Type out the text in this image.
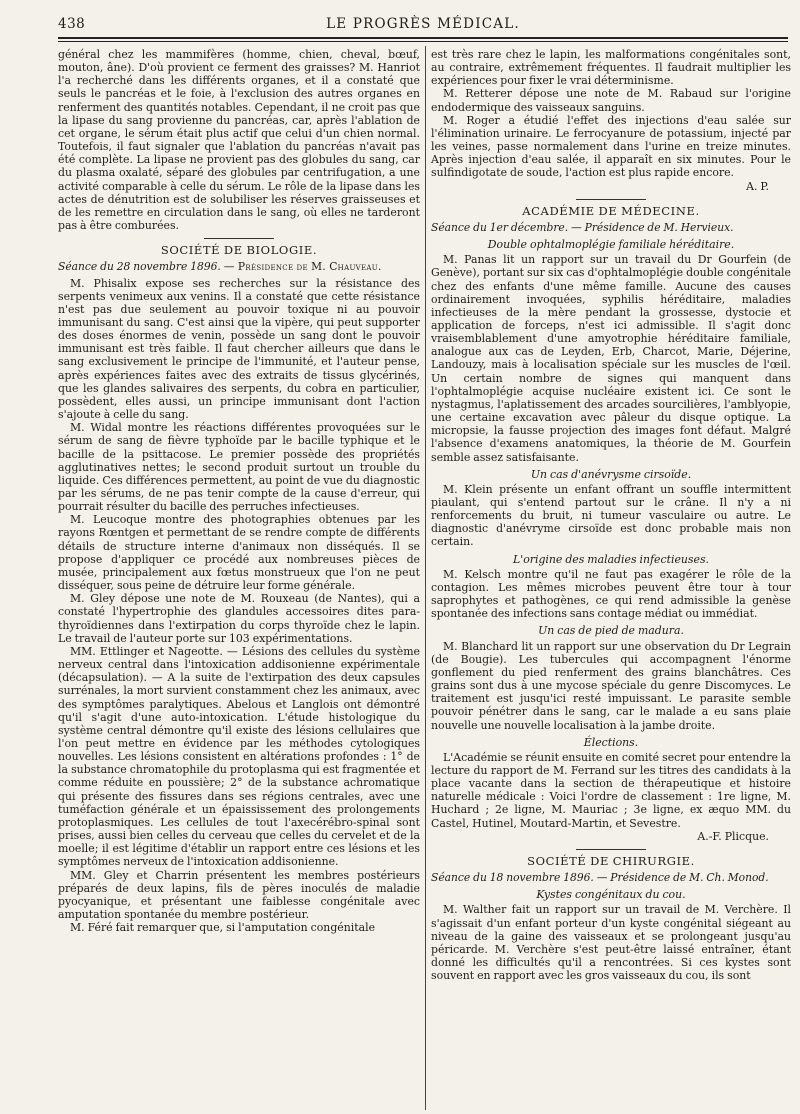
438	LE PROGRÈS MÉDICAL.

général chez les mammifères (homme, chien, cheval, bœuf, mouton, âne). D'où provient ce ferment des graisses? M. Hanriot l'a recherché dans les différents organes, et il a constaté que seuls le pancréas et le foie, à l'exclusion des autres organes en renferment des quantités notables. Cependant, il ne croit pas que la lipase du sang provienne du pancréas, car, après l'ablation de cet organe, le sérum était plus actif que celui d'un chien normal. Toutefois, il faut signaler que l'ablation du pancréas n'avait pas été complète. La lipase ne provient pas des globules du sang, car du plasma oxalaté, séparé des globules par centrifugation, a une activité comparable à celle du sérum. Le rôle de la lipase dans les actes de dénutrition est de solubiliser les réserves graisseuses et de les remettre en circulation dans le sang, où elles ne tarderont pas à être comburées.

SOCIÉTÉ DE BIOLOGIE.

Séance du 28 novembre 1896. — Présidence de M. Chauveau.

M. Phisalix expose ses recherches sur la résistance des serpents venimeux aux venins. Il a constaté que cette résistance n'est pas due seulement au pouvoir toxique ni au pouvoir immunisant du sang. C'est ainsi que la vipère, qui peut supporter des doses énormes de venin, possède un sang dont le pouvoir immunisant est très faible. Il faut chercher ailleurs que dans le sang exclusivement le principe de l'immunité, et l'auteur pense, après expériences faites avec des extraits de tissus glycérinés, que les glandes salivaires des serpents, du cobra en particulier, possèdent, elles aussi, un principe immunisant dont l'action s'ajoute à celle du sang.

M. Widal montre les réactions différentes provoquées sur le sérum de sang de fièvre typhoïde par le bacille typhique et le bacille de la psittacose. Le premier possède des propriétés agglutinatives nettes; le second produit surtout un trouble du liquide. Ces différences permettent, au point de vue du diagnostic par les sérums, de ne pas tenir compte de la cause d'erreur, qui pourrait résulter du bacille des perruches infectieuses.

M. Leucoque montre des photographies obtenues par les rayons Rœntgen et permettant de se rendre compte de différents détails de structure interne d'animaux non disséqués. Il se propose d'appliquer ce procédé aux nombreuses pièces de musée, principalement aux fœtus monstrueux que l'on ne peut disséquer, sous peine de détruire leur forme générale.

M. Gley dépose une note de M. Rouxeau (de Nantes), qui a constaté l'hypertrophie des glandules accessoires dites para-thyroïdiennes dans l'extirpation du corps thyroïde chez le lapin. Le travail de l'auteur porte sur 103 expérimentations.

MM. Ettlinger et Nageotte. — Lésions des cellules du système nerveux central dans l'intoxication addisonienne expérimentale (décapsulation). — A la suite de l'extirpation des deux capsules surrénales, la mort survient constamment chez les animaux, avec des symptômes paralytiques. Abelous et Langlois ont démontré qu'il s'agit d'une auto-intoxication. L'étude histologique du système central démontre qu'il existe des lésions cellulaires que l'on peut mettre en évidence par les méthodes cytologiques nouvelles. Les lésions consistent en altérations profondes : 1° de la substance chromatophile du protoplasma qui est fragmentée et comme réduite en poussière; 2° de la substance achromatique qui présente des fissures dans ses régions centrales, avec une tuméfaction générale et un épaississement des prolongements protoplasmiques. Les cellules de tout l'axecérébro-spinal sont prises, aussi bien celles du cerveau que celles du cervelet et de la moelle; il est légitime d'établir un rapport entre ces lésions et les symptômes nerveux de l'intoxication addisonienne.

MM. Gley et Charrin présentent les membres postérieurs préparés de deux lapins, fils de pères inoculés de maladie pyocyanique, et présentant une faiblesse congénitale avec amputation spontanée du membre postérieur.

M. Féré fait remarquer que, si l'amputation congénitale

est très rare chez le lapin, les malformations congénitales sont, au contraire, extrêmement fréquentes. Il faudrait multiplier les expériences pour fixer le vrai déterminisme.

M. Retterer dépose une note de M. Rabaud sur l'origine endodermique des vaisseaux sanguins.

M. Roger a étudié l'effet des injections d'eau salée sur l'élimination urinaire. Le ferrocyanure de potassium, injecté par les veines, passe normalement dans l'urine en treize minutes. Après injection d'eau salée, il apparaît en six minutes. Pour le sulfindigotate de soude, l'action est plus rapide encore.

A. P.

ACADÉMIE DE MÉDECINE.

Séance du 1er décembre. — Présidence de M. Hervieux.

Double ophtalmoplégie familiale héréditaire.

M. Panas lit un rapport sur un travail du Dr Gourfein (de Genève), portant sur six cas d'ophtalmoplégie double congénitale chez des enfants d'une même famille. Aucune des causes ordinairement invoquées, syphilis héréditaire, maladies infectieuses de la mère pendant la grossesse, dystocie et application de forceps, n'est ici admissible. Il s'agit donc vraisemblablement d'une amyotrophie héréditaire familiale, analogue aux cas de Leyden, Erb, Charcot, Marie, Déjerine, Landouzy, mais à localisation spéciale sur les muscles de l'œil. Un certain nombre de signes qui manquent dans l'ophtalmoplégie acquise nucléaire existent ici. Ce sont le nystagmus, l'aplatissement des arcades sourcilières, l'amblyopie, une certaine excavation avec pâleur du disque optique. La micropsie, la fausse projection des images font défaut. Malgré l'absence d'examens anatomiques, la théorie de M. Gourfein semble assez satisfaisante.

Un cas d'anévrysme cirsoïde.

M. Klein présente un enfant offrant un souffle intermittent piaulant, qui s'entend partout sur le crâne. Il n'y a ni renforcements du bruit, ni tumeur vasculaire ou autre. Le diagnostic d'anévryme cirsoïde est donc probable mais non certain.

L'origine des maladies infectieuses.

M. Kelsch montre qu'il ne faut pas exagérer le rôle de la contagion. Les mêmes microbes peuvent être tour à tour saprophytes et pathogènes, ce qui rend admissible la genèse spontanée des infections sans contage médiat ou immédiat.

Un cas de pied de madura.

M. Blanchard lit un rapport sur une observation du Dr Legrain (de Bougie). Les tubercules qui accompagnent l'énorme gonflement du pied renferment des grains blanchâtres. Ces grains sont dus à une mycose spéciale du genre Discomyces. Le traitement est jusqu'ici resté impuissant. Le parasite semble pouvoir pénétrer dans le sang, car le malade a eu sans plaie nouvelle une nouvelle localisation à la jambe droite.

Élections.

L'Académie se réunit ensuite en comité secret pour entendre la lecture du rapport de M. Ferrand sur les titres des candidats à la place vacante dans la section de thérapeutique et histoire naturelle médicale : Voici l'ordre de classement : 1re ligne, M. Huchard ; 2e ligne, M. Mauriac ; 3e ligne, ex æquo MM. du Castel, Hutinel, Moutard-Martin, et Sevestre.

A.-F. Plicque.

SOCIÉTÉ DE CHIRURGIE.

Séance du 18 novembre 1896. — Présidence de M. Ch. Monod.

Kystes congénitaux du cou.

M. Walther fait un rapport sur un travail de M. Verchère. Il s'agissait d'un enfant porteur d'un kyste congénital siégeant au niveau de la gaine des vaisseaux et se prolongeant jusqu'au péricarde. M. Verchère s'est peut-être laissé entraîner, étant donné les difficultés qu'il a rencontrées. Si ces kystes sont souvent en rapport avec les gros vaisseaux du cou, ils sont
